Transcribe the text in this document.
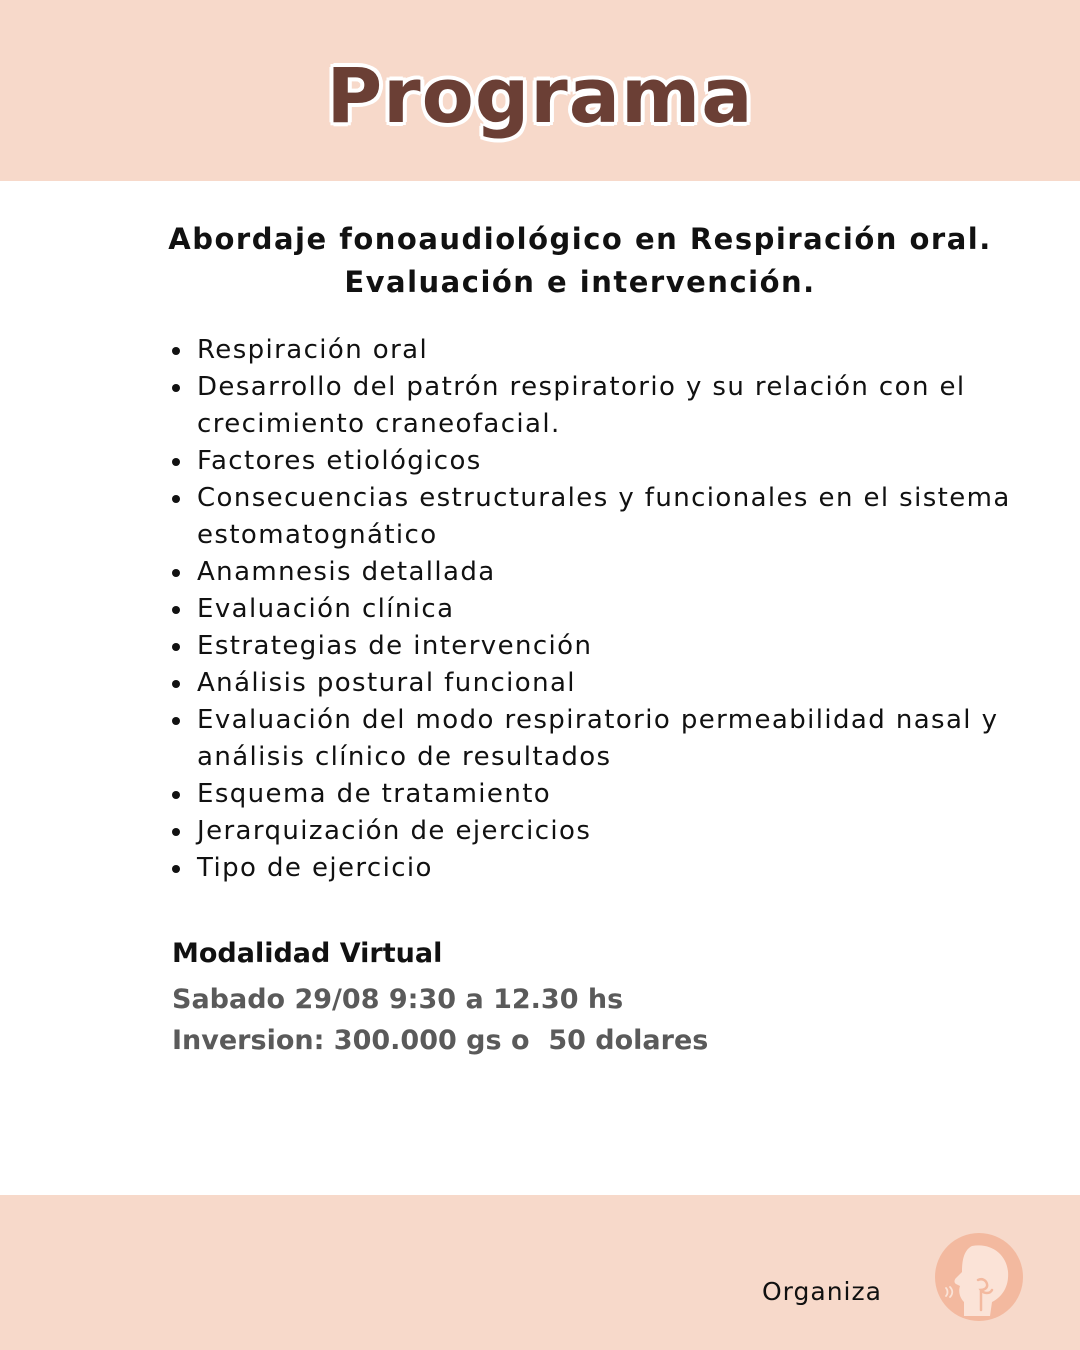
Programa
Abordaje fonoaudiológico en Respiración oral.
Evaluación e intervención.
Respiración oral
Desarrollo del patrón respiratorio y su relación con el crecimiento craneofacial.
Factores etiológicos
Consecuencias estructurales y funcionales en el sistema estomatognático
Anamnesis detallada
Evaluación clínica
Estrategias de intervención
Análisis postural funcional
Evaluación del modo respiratorio permeabilidad nasal y análisis clínico de resultados
Esquema de tratamiento
Jerarquización de ejercicios
Tipo de ejercicio
Modalidad Virtual
Sabado 29/08 9:30 a 12.30 hs
Inversion: 300.000 gs o  50 dolares
Organiza
